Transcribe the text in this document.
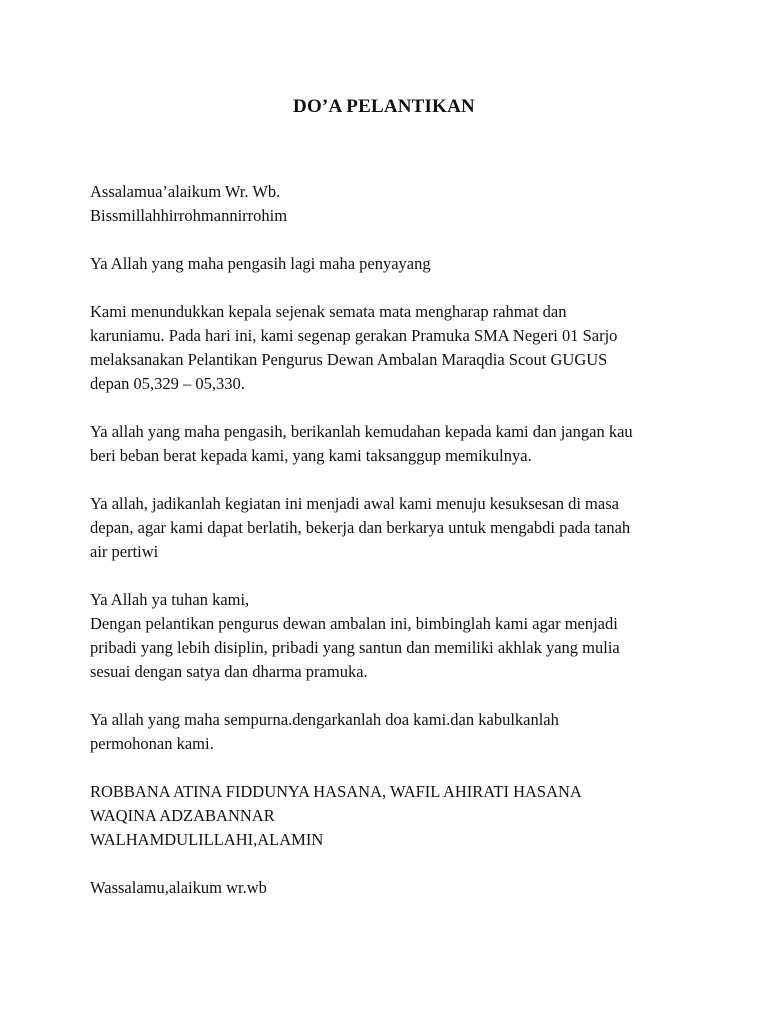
DO’A PELANTIKAN

Assalamua’alaikum Wr. Wb.
Bissmillahhirrohmannirrohim

Ya Allah yang maha pengasih lagi maha penyayang

Kami menundukkan kepala sejenak semata mata mengharap rahmat dan
karuniamu. Pada hari ini, kami segenap gerakan Pramuka SMA Negeri 01 Sarjo
melaksanakan Pelantikan Pengurus Dewan Ambalan Maraqdia Scout GUGUS
depan 05,329 – 05,330.

Ya allah yang maha pengasih, berikanlah kemudahan kepada kami dan jangan kau
beri beban berat kepada kami, yang kami taksanggup memikulnya.

Ya allah, jadikanlah kegiatan ini menjadi awal kami menuju kesuksesan di masa
depan, agar kami dapat berlatih, bekerja dan berkarya untuk mengabdi pada tanah
air pertiwi

Ya Allah ya tuhan kami,
Dengan pelantikan pengurus dewan ambalan ini, bimbinglah kami agar menjadi
pribadi yang lebih disiplin, pribadi yang santun dan memiliki akhlak yang mulia
sesuai dengan satya dan dharma pramuka.

Ya allah yang maha sempurna.dengarkanlah doa kami.dan kabulkanlah
permohonan kami.

ROBBANA ATINA FIDDUNYA HASANA, WAFIL AHIRATI HASANA
WAQINA ADZABANNAR
WALHAMDULILLAHI,ALAMIN

Wassalamu,alaikum wr.wb
